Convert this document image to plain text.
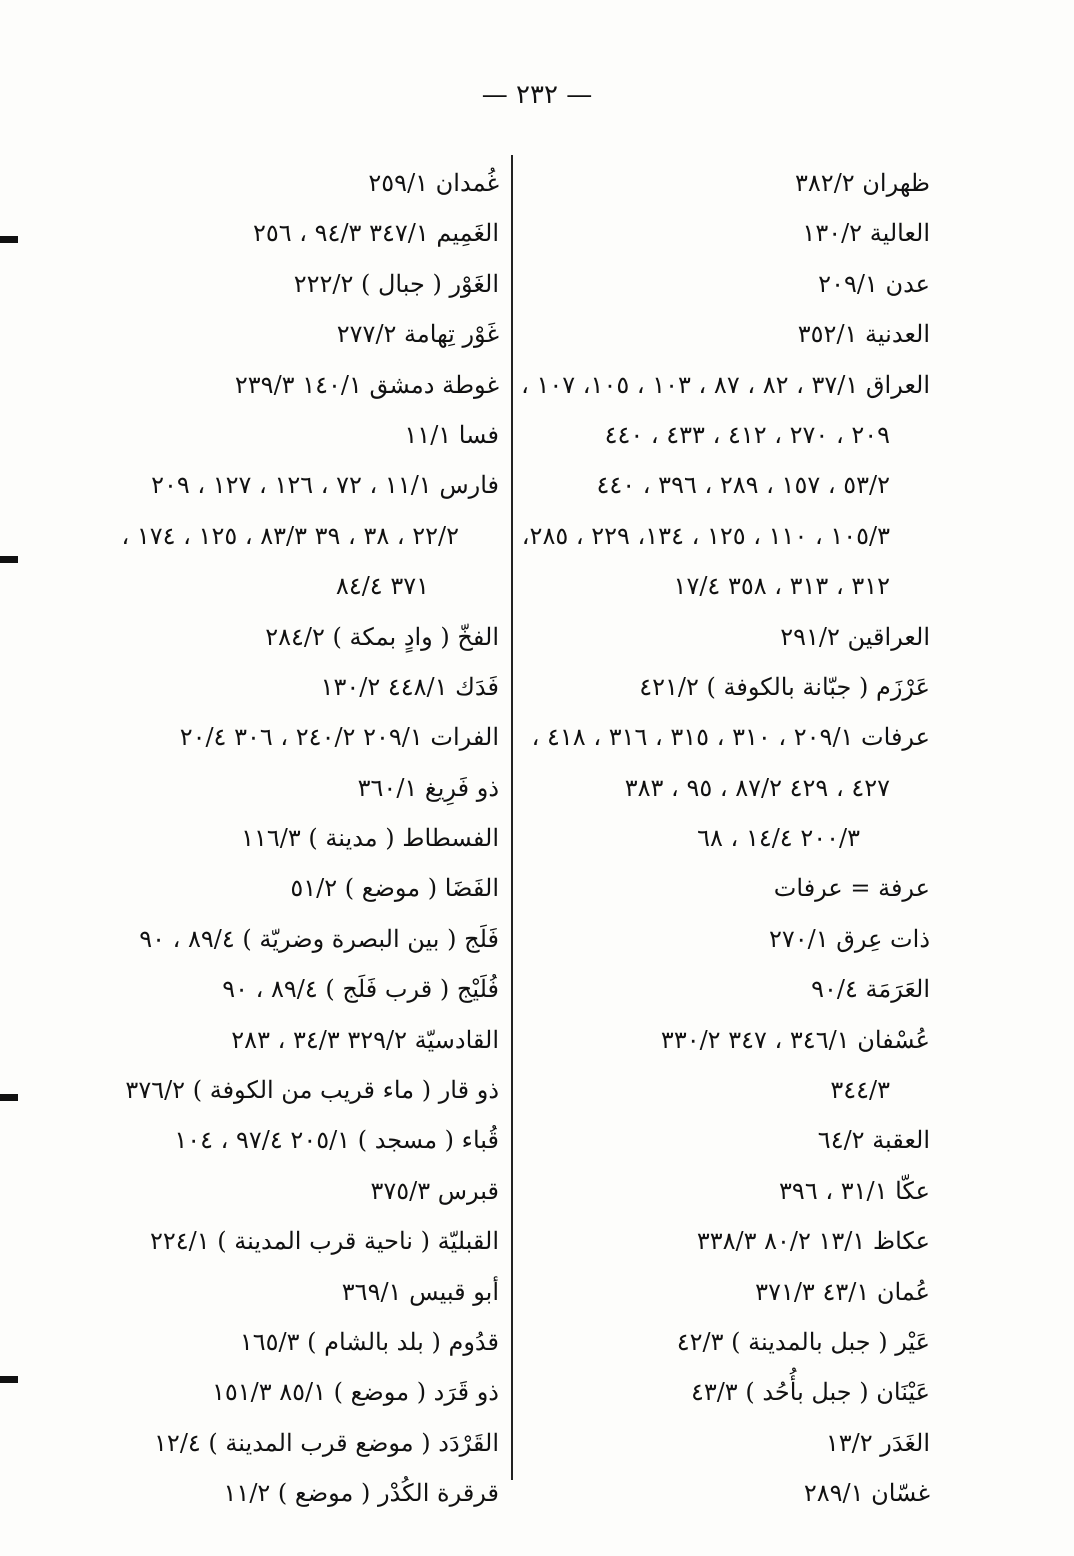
— ٢٣٢ —
ظهران ٣٨٢/٢
العالية ١٣٠/٢
عدن ٢٠٩/١
العدنية ٣٥٢/١
العراق ٣٧/١ ، ٨٢ ، ٨٧ ، ١٠٣ ، ١٠٥، ١٠٧ ،
٢٠٩ ، ٢٧٠ ، ٤١٢ ، ٤٣٣ ، ٤٤٠
٥٣/٢ ، ١٥٧ ، ٢٨٩ ، ٣٩٦ ، ٤٤٠
١٠٥/٣ ، ١١٠ ، ١٢٥ ، ١٣٤، ٢٢٩ ، ٢٨٥،
٣١٢ ، ٣١٣ ، ٣٥٨ ١٧/٤
العراقين ٢٩١/٢
عَرْزَم ( جبّانة بالكوفة ) ٤٢١/٢
عرفات ٢٠٩/١ ، ٣١٠ ، ٣١٥ ، ٣١٦ ، ٤١٨ ،
٤٢٧ ، ٤٢٩ ٨٧/٢ ، ٩٥ ، ٣٨٣
٢٠٠/٣ ١٤/٤ ، ٦٨
عرفة = عرفات
ذات عِرق ٢٧٠/١
العَرَمَة ٩٠/٤
عُسْفان ٣٤٦/١ ، ٣٤٧ ٣٣٠/٢
٣٤٤/٣
العقبة ٦٤/٢
عكّا ٣١/١ ، ٣٩٦
عكاظ ١٣/١ ٨٠/٢ ٣٣٨/٣
عُمان ٤٣/١ ٣٧١/٣
عَيْر ( جبل بالمدينة ) ٤٢/٣
عَيْنَان ( جبل بأُحُد ) ٤٣/٣
الغَدَر ١٣/٢
غسّان ٢٨٩/١
غُمدان ٢٥٩/١
الغَمِيم ٣٤٧/١ ٩٤/٣ ، ٢٥٦
الغَوْر ( جبال ) ٢٢٢/٢
غَوْر تِهامة ٢٧٧/٢
غوطة دمشق ١٤٠/١ ٢٣٩/٣
فسا ١١/١
فارس ١١/١ ، ٧٢ ، ١٢٦ ، ١٢٧ ، ٢٠٩
٢٢/٢ ، ٣٨ ، ٣٩ ٨٣/٣ ، ١٢٥ ، ١٧٤ ،
٣٧١ ٨٤/٤
الفخّ ( وادٍ بمكة ) ٢٨٤/٢
فَدَك ٤٤٨/١ ١٣٠/٢
الفرات ٢٠٩/١ ٢٤٠/٢ ، ٣٠٦ ٢٠/٤
ذو فَرِيغ ٣٦٠/١
الفسطاط ( مدينة ) ١١٦/٣
الفَضَا ( موضع ) ٥١/٢
فَلَج ( بين البصرة وضريّة ) ٨٩/٤ ، ٩٠
فُلَيْج ( قرب فَلَج ) ٨٩/٤ ، ٩٠
القادسيّة ٣٢٩/٢ ٣٤/٣ ، ٢٨٣
ذو قار ( ماء قريب من الكوفة ) ٣٧٦/٢
قُباء ( مسجد ) ٢٠٥/١ ٩٧/٤ ، ١٠٤
قبرس ٣٧٥/٣
القبليّة ( ناحية قرب المدينة ) ٢٢٤/١
أبو قبيس ٣٦٩/١
قدُوم ( بلد بالشام ) ١٦٥/٣
ذو قَرَد ( موضع ) ٨٥/١ ١٥١/٣
القَرْدَد ( موضع قرب المدينة ) ١٢/٤
قرقرة الكُدْر ( موضع ) ١١/٢
